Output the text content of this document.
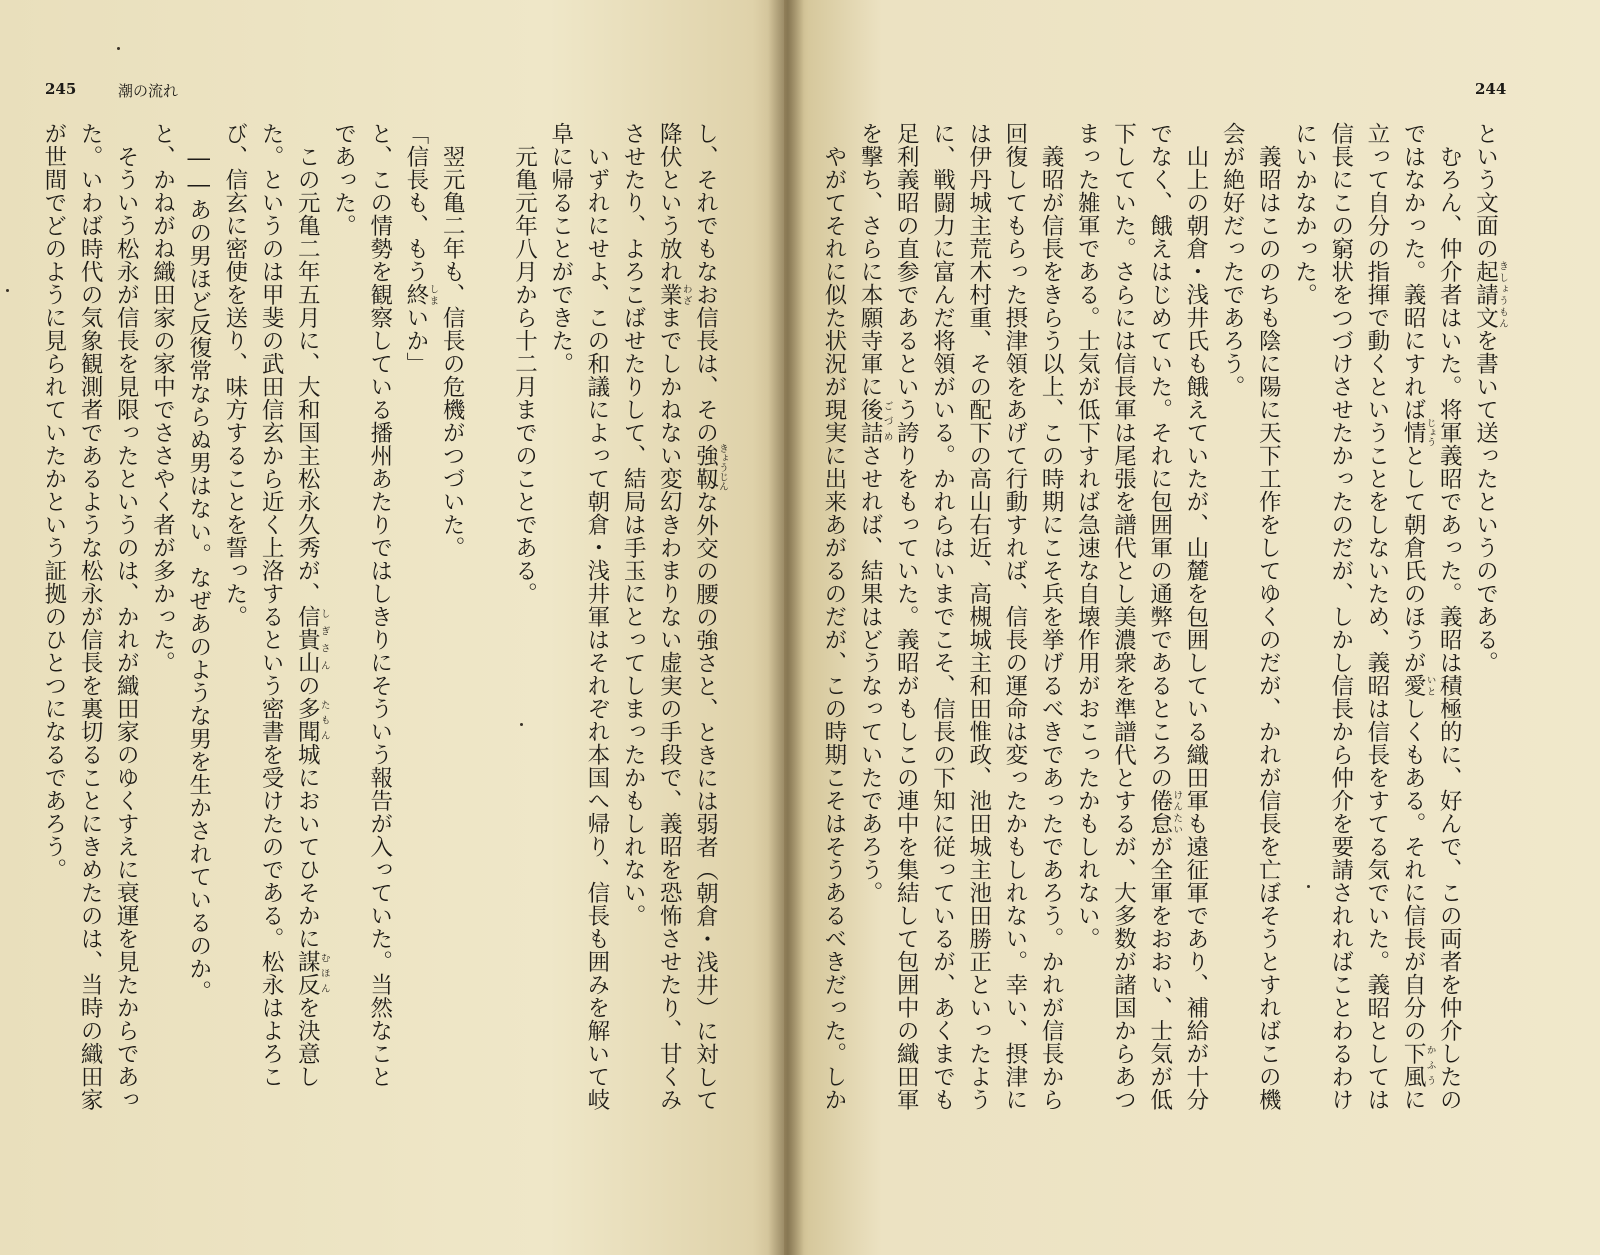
245	潮の流れ	244
し、それでもなお信長は、その強靱きょうじんな外交の腰の強さと、ときには弱者（朝倉・浅井）に対して
降伏という放れ業わざまでしかねない変幻きわまりない虚実の手段で、義昭を恐怖させたり、甘くみ
させたり、よろこばせたりして、結局は手玉にとってしまったかもしれない。
　いずれにせよ、この和議によって朝倉・浅井軍はそれぞれ本国へ帰り、信長も囲みを解いて岐
阜に帰ることができた。
　元亀元年八月から十二月までのことである。
　翌元亀二年も、信長の危機がつづいた。
「信長も、もう終しまいか」
と、この情勢を観察している播州あたりではしきりにそういう報告が入っていた。当然なこと
であった。
　この元亀二年五月に、大和国主松永久秀が、信貴山しぎさんの多聞たもん城においてひそかに謀反むほんを決意し
た。というのは甲斐の武田信玄から近く上洛するという密書を受けたのである。松永はよろこ
び、信玄に密使を送り、味方することを誓った。
　――あの男ほど反復常ならぬ男はない。なぜあのような男を生かされているのか。
と、かねがね織田家の家中でささやく者が多かった。
　そういう松永が信長を見限ったというのは、かれが織田家のゆくすえに衰運を見たからであっ
た。いわば時代の気象観測者であるような松永が信長を裏切ることにきめたのは、当時の織田家
が世間でどのように見られていたかという証拠のひとつになるであろう。	という文面の起請文きしょうもんを書いて送ったというのである。
　むろん、仲介者はいた。将軍義昭であった。義昭は積極的に、好んで、この両者を仲介したの
ではなかった。義昭にすれば情じょうとして朝倉氏のほうが愛いとしくもある。それに信長が自分の下風かふうに
立って自分の指揮で動くということをしないため、義昭は信長をすてる気でいた。義昭としては
信長にこの窮状をつづけさせたかったのだが、しかし信長から仲介を要請されればことわるわけ
にいかなかった。
　義昭はこののちも陰に陽に天下工作をしてゆくのだが、かれが信長を亡ぼそうとすればこの機
会が絶好だったであろう。
　山上の朝倉・浅井氏も餓えていたが、山麓を包囲している織田軍も遠征軍であり、補給が十分
でなく、餓えはじめていた。それに包囲軍の通弊であるところの倦怠けんたいが全軍をおおい、士気が低
下していた。さらには信長軍は尾張を譜代とし美濃衆を準譜代とするが、大多数が諸国からあつ
まった雑軍である。士気が低下すれば急速な自壊作用がおこったかもしれない。
　義昭が信長をきらう以上、この時期にこそ兵を挙げるべきであったであろう。かれが信長から
回復してもらった摂津領をあげて行動すれば、信長の運命は変ったかもしれない。幸い、摂津に
は伊丹城主荒木村重、その配下の高山右近、高槻城主和田惟政、池田城主池田勝正といったよう
に、戦闘力に富んだ将領がいる。かれらはいまでこそ、信長の下知に従っているが、あくまでも
足利義昭の直参であるという誇りをもっていた。義昭がもしこの連中を集結して包囲中の織田軍
を撃ち、さらに本願寺軍に後詰ごづめさせれば、結果はどうなっていたであろう。
　やがてそれに似た状況が現実に出来あがるのだが、この時期こそはそうあるべきだった。しか
